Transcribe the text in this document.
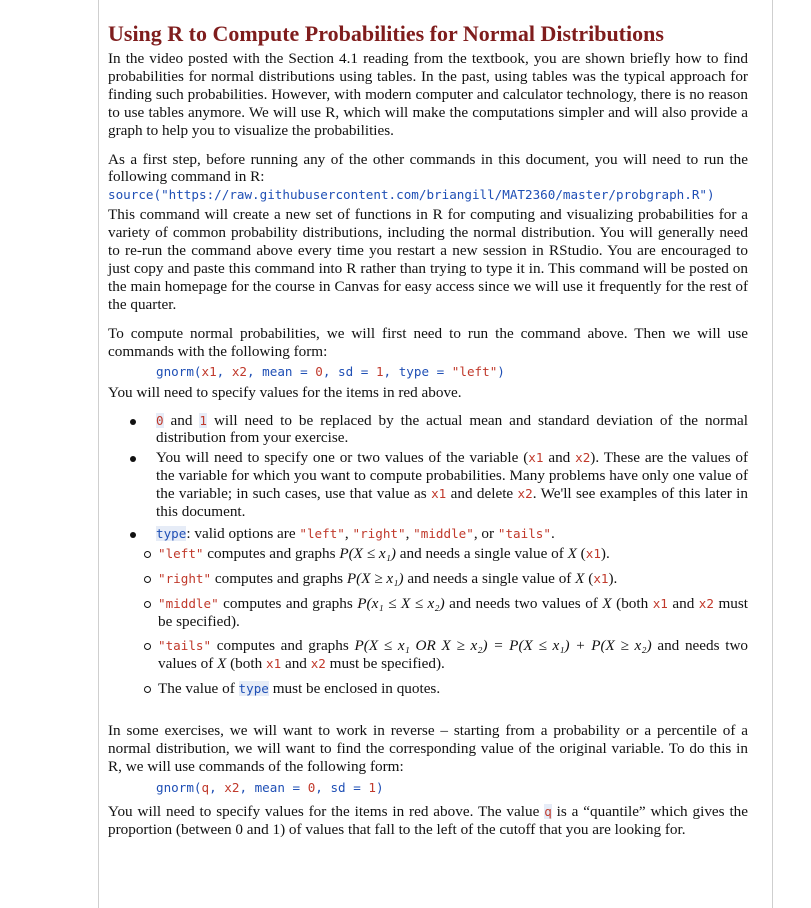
Using R to Compute Probabilities for Normal Distributions

In the video posted with the Section 4.1 reading from the textbook, you are shown briefly how to find probabilities for normal distributions using tables. In the past, using tables was the typical approach for finding such probabilities. However, with modern computer and calculator technology, there is no reason to use tables anymore. We will use R, which will make the computations simpler and will also provide a graph to help you to visualize the probabilities.

As a first step, before running any of the other commands in this document, you will need to run the following command in R:

source("https://raw.githubusercontent.com/briangill/MAT2360/master/probgraph.R")

This command will create a new set of functions in R for computing and visualizing probabilities for a variety of common probability distributions, including the normal distribution. You will generally need to re-run the command above every time you restart a new session in RStudio. You are encouraged to just copy and paste this command into R rather than trying to type it in. This command will be posted on the main homepage for the course in Canvas for easy access since we will use it frequently for the rest of the quarter.

To compute normal probabilities, we will first need to run the command above. Then we will use commands with the following form:

gnorm(x1, x2, mean = 0, sd = 1, type = "left")

You will need to specify values for the items in red above.

0 and 1 will need to be replaced by the actual mean and standard deviation of the normal distribution from your exercise.
You will need to specify one or two values of the variable (x1 and x2). These are the values of the variable for which you want to compute probabilities. Many problems have only one value of the variable; in such cases, use that value as x1 and delete x2. We'll see examples of this later in this document.
type: valid options are "left", "right", "middle", or "tails".
"left" computes and graphs P(X ≤ x₁) and needs a single value of X (x1).
"right" computes and graphs P(X ≥ x₁) and needs a single value of X (x1).
"middle" computes and graphs P(x₁ ≤ X ≤ x₂) and needs two values of X (both x1 and x2 must be specified).
"tails" computes and graphs P(X ≤ x₁ OR X ≥ x₂) = P(X ≤ x₁) + P(X ≥ x₂) and needs two values of X (both x1 and x2 must be specified).
The value of type must be enclosed in quotes.

In some exercises, we will want to work in reverse – starting from a probability or a percentile of a normal distribution, we will want to find the corresponding value of the original variable. To do this in R, we will use commands of the following form:

gnorm(q, x2, mean = 0, sd = 1)

You will need to specify values for the items in red above. The value q is a “quantile” which gives the proportion (between 0 and 1) of values that fall to the left of the cutoff that you are looking for.
